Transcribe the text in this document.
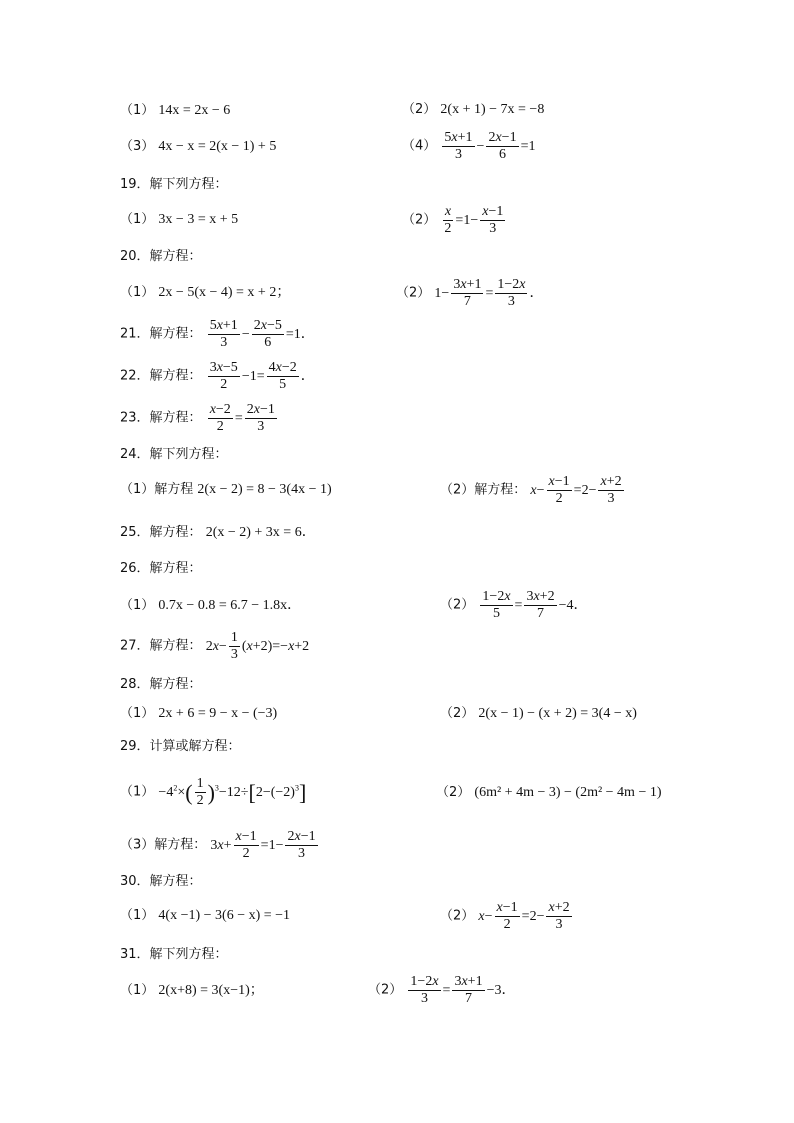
（1） 14x = 2x − 6	（2） 2(x + 1) − 7x = −8
（3） 4x − x = 2(x − 1) + 5	$(4) \frac{5x+1}{3} - \frac{2x-1}{6} =1$
19．解下列方程：
（1） 3x − 3 = x + 5	$(2) \frac{x}{2} =1- \frac{x-1}{3}$
20．解方程：
（1） 2x − 5(x − 4) = x + 2；	（2） $1- \frac{3x+1}{7} = \frac{1-2x}{3}$ ．
21．解方程： $\frac{5x+1}{3} - \frac{2x-5}{6} =1$．
22．解方程： $\frac{3x-5}{2} -1= \frac{4x-2}{5}$ ．
23．解方程： $\frac{x-2}{2} = \frac{2x-1}{3}$
24．解下列方程：
（1）解方程 2(x − 2) = 8 − 3(4x − 1)	（2）解方程： $x- \frac{x-1}{2} =2- \frac{x+2}{3}$
25．解方程： 2(x − 2) + 3x = 6．
26．解方程：
（1） 0.7x − 0.8 = 6.7 − 1.8x．	$(2) \frac{1-2x}{5} = \frac{3x+2}{7} -4$．
27．解方程： $2x- \frac{1}{3} (x+2)=-x+2$
28．解方程：
（1） 2x + 6 = 9 − x − (−3)	（2） 2(x − 1) − (x + 2) = 3(4 − x)
29．计算或解方程：
$(1) -4^2\times( \frac{1}{2} )^3-12\div[2-(-2)^3]$	（2） (6m² + 4m − 3) − (2m² − 4m − 1)
（3）解方程： $3x+ \frac{x-1}{2} =1- \frac{2x-1}{3}$
30．解方程：
（1） 4(x −1) − 3(6 − x) = −1	（2） $x- \frac{x-1}{2} =2- \frac{x+2}{3}$
31．解下列方程：
（1） 2(x+8) = 3(x−1)；	$(2) \frac{1-2x}{3} = \frac{3x+1}{7} -3$．
